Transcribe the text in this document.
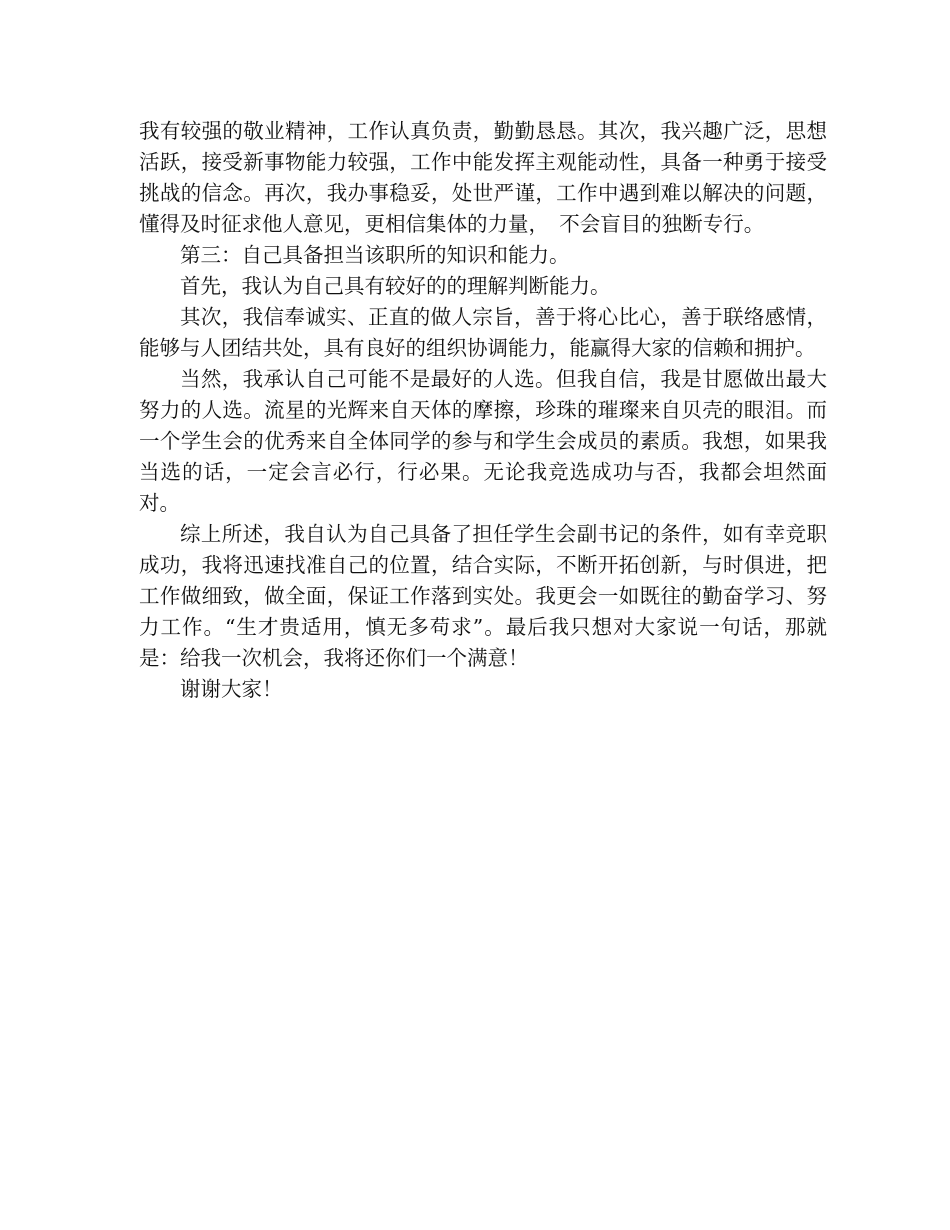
我有较强的敬业精神，工作认真负责，勤勤恳恳。其次，我兴趣广泛，思想活跃，接受新事物能力较强，工作中能发挥主观能动性，具备一种勇于接受挑战的信念。再次，我办事稳妥，处世严谨，工作中遇到难以解决的问题，懂得及时征求他人意见，更相信集体的力量，　不会盲目的独断专行。

第三：自己具备担当该职所的知识和能力。

首先，我认为自己具有较好的的理解判断能力。

其次，我信奉诚实、正直的做人宗旨，善于将心比心，善于联络感情，能够与人团结共处，具有良好的组织协调能力，能赢得大家的信赖和拥护。

当然，我承认自己可能不是最好的人选。但我自信，我是甘愿做出最大努力的人选。流星的光辉来自天体的摩擦，珍珠的璀璨来自贝壳的眼泪。而一个学生会的优秀来自全体同学的参与和学生会成员的素质。我想，如果我当选的话，一定会言必行，行必果。无论我竞选成功与否，我都会坦然面对。

综上所述，我自认为自己具备了担任学生会副书记的条件，如有幸竞职成功，我将迅速找准自己的位置，结合实际，不断开拓创新，与时俱进，把工作做细致，做全面，保证工作落到实处。我更会一如既往的勤奋学习、努力工作。“生才贵适用，慎无多苟求”。最后我只想对大家说一句话，那就是：给我一次机会，我将还你们一个满意！

谢谢大家！
